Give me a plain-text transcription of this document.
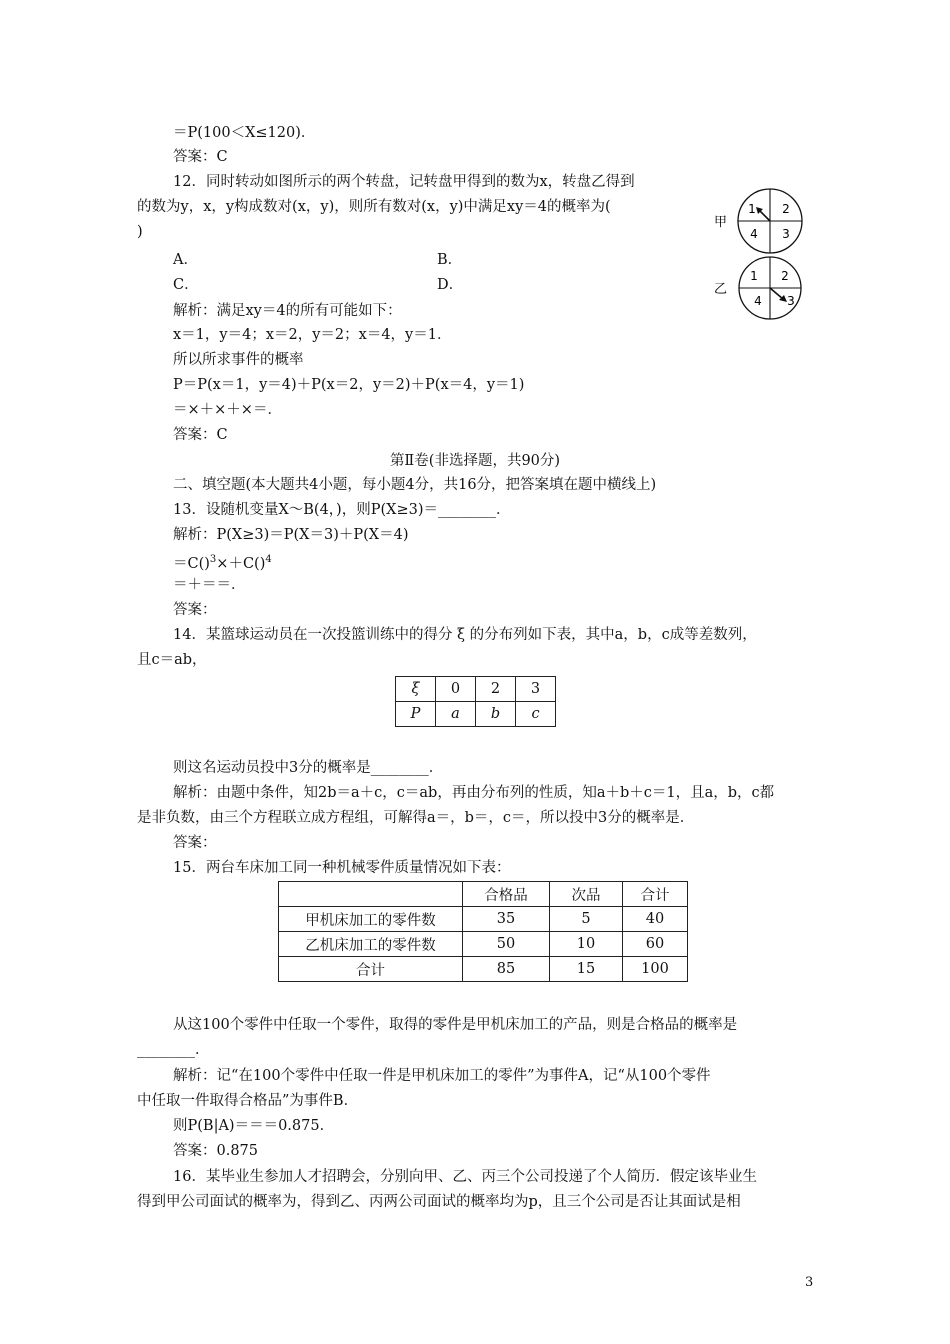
＝P(100＜X≤120)．
答案：C
12．同时转动如图所示的两个转盘，记转盘甲得到的数为x，转盘乙得到
的数为y，x，y构成数对(x，y)，则所有数对(x，y)中满足xy＝4的概率为(
)
A．	B．
C．	D．
解析：满足xy＝4的所有可能如下：
x＝1，y＝4；x＝2，y＝2；x＝4，y＝1．
所以所求事件的概率
P＝P(x＝1，y＝4)＋P(x＝2，y＝2)＋P(x＝4，y＝1)
＝×＋×＋×＝．
答案：C
第Ⅱ卷(非选择题，共90分)
二、填空题(本大题共4小题，每小题4分，共16分，把答案填在题中横线上)
13．设随机变量X～B(4，)，则P(X≥3)＝________．
解析：P(X≥3)＝P(X＝3)＋P(X＝4)
＝C()$^3$×＋C()$^4$
＝＋＝＝．
答案：
14．某篮球运动员在一次投篮训练中的得分 ξ 的分布列如下表，其中a，b，c成等差数列，
且c＝ab，
ξ	0	2	3
P	a	b	c
则这名运动员投中3分的概率是________．
解析：由题中条件，知2b＝a＋c，c＝ab，再由分布列的性质，知a＋b＋c＝1，且a，b，c都
是非负数，由三个方程联立成方程组，可解得a＝，b＝，c＝，所以投中3分的概率是．
答案：
15．两台车床加工同一种机械零件质量情况如下表：
	合格品	次品	合计
甲机床加工的零件数	35	5	40
乙机床加工的零件数	50	10	60
合计	85	15	100
从这100个零件中任取一个零件，取得的零件是甲机床加工的产品，则是合格品的概率是
________．
解析：记“在100个零件中任取一件是甲机床加工的零件”为事件A，记“从100个零件
中任取一件取得合格品”为事件B．
则P(B|A)＝＝＝0.875．
答案：0.875
16．某毕业生参加人才招聘会，分别向甲、乙、丙三个公司投递了个人简历．假定该毕业生
得到甲公司面试的概率为，得到乙、丙两公司面试的概率均为p，且三个公司是否让其面试是相
甲
1 2
4 3
乙
1 2
4 3
3
